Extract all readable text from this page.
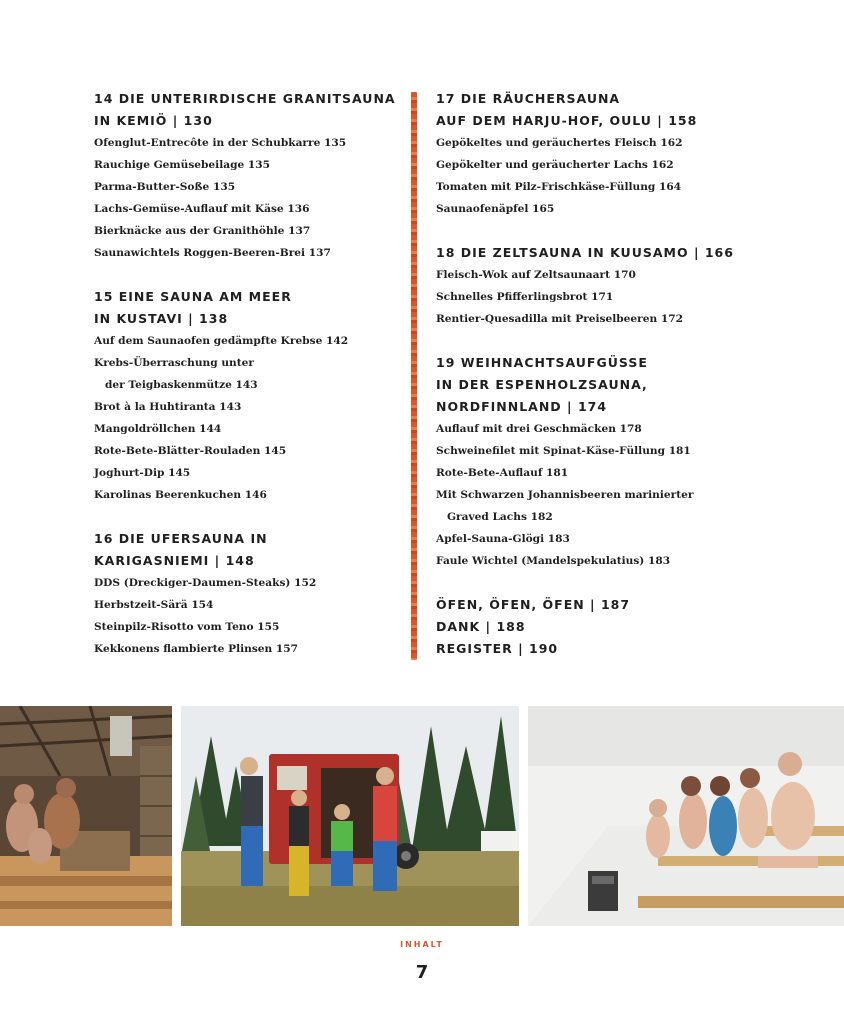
14 DIE UNTERIRDISCHE GRANITSAUNA
IN KEMIÖ | 130
Ofenglut-Entrecôte in der Schubkarre 135
Rauchige Gemüsebeilage 135
Parma-Butter-Soße 135
Lachs-Gemüse-Auflauf mit Käse 136
Bierknäcke aus der Granithöhle 137
Saunawichtels Roggen-Beeren-Brei 137
15 EINE SAUNA AM MEER
IN KUSTAVI | 138
Auf dem Saunaofen gedämpfte Krebse 142
Krebs-Überraschung unter
der Teigbaskenmütze 143
Brot à la Huhtiranta 143
Mangoldröllchen 144
Rote-Bete-Blätter-Rouladen 145
Joghurt-Dip 145
Karolinas Beerenkuchen 146
16 DIE UFERSAUNA IN
KARIGASNIEMI | 148
DDS (Dreckiger-Daumen-Steaks) 152
Herbstzeit-Särä 154
Steinpilz-Risotto vom Teno 155
Kekkonens flambierte Plinsen 157
17 DIE RÄUCHERSAUNA
AUF DEM HARJU-HOF, OULU | 158
Gepökeltes und geräuchertes Fleisch 162
Gepökelter und geräucherter Lachs 162
Tomaten mit Pilz-Frischkäse-Füllung 164
Saunaofenäpfel 165
18 DIE ZELTSAUNA IN KUUSAMO | 166
Fleisch-Wok auf Zeltsaunaart 170
Schnelles Pfifferlingsbrot 171
Rentier-Quesadilla mit Preiselbeeren 172
19 WEIHNACHTSAUFGÜSSE
IN DER ESPENHOLZSAUNA,
NORDFINNLAND | 174
Auflauf mit drei Geschmäcken 178
Schweinefilet mit Spinat-Käse-Füllung 181
Rote-Bete-Auflauf 181
Mit Schwarzen Johannisbeeren marinierter
Graved Lachs 182
Apfel-Sauna-Glögi 183
Faule Wichtel (Mandelspekulatius) 183
ÖFEN, ÖFEN, ÖFEN | 187
DANK | 188
REGISTER | 190
INHALT
7
